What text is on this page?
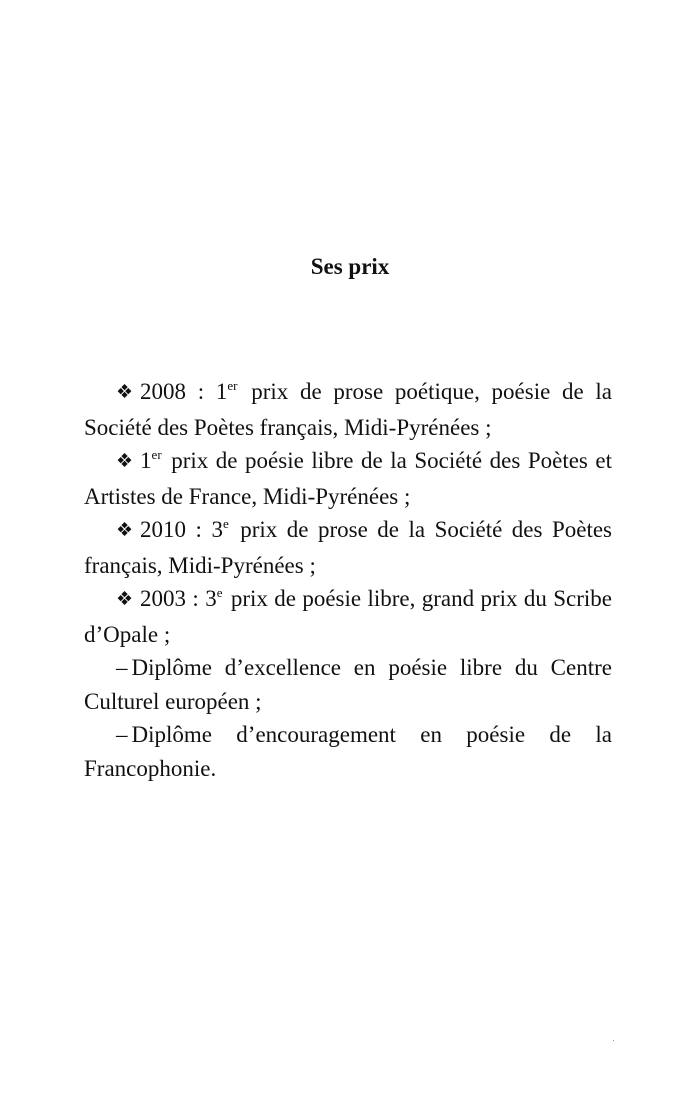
Ses prix
❖ 2008 : 1er prix de prose poétique, poésie de la Société des Poètes français, Midi-Pyrénées ;
❖ 1er prix de poésie libre de la Société des Poètes et Artistes de France, Midi-Pyrénées ;
❖ 2010 : 3e prix de prose de la Société des Poètes français, Midi-Pyrénées ;
❖ 2003 : 3e prix de poésie libre, grand prix du Scribe d’Opale ;
– Diplôme d’excellence en poésie libre du Centre Culturel européen ;
– Diplôme d’encouragement en poésie de la Francophonie.
